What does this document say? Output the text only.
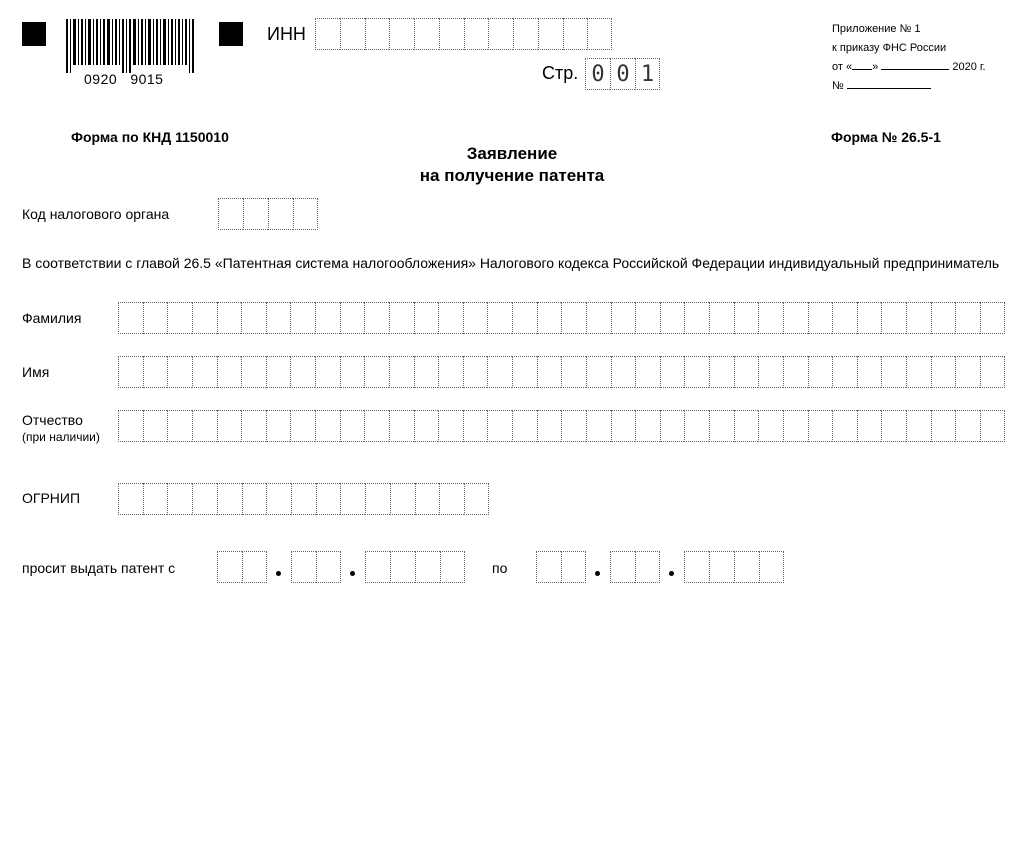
0920   9015
ИНН
Стр. 0 0 1
Приложение № 1
к приказу ФНС России
от « »	2020 г.
№
Форма по КНД 1150010	Форма № 26.5-1
Заявление
на получение патента
Код налогового органа
В соответствии с главой 26.5 «Патентная система налогообложения» Налогового кодекса Российской Федерации индивидуальный предприниматель
Фамилия
Имя
Отчество
(при наличии)
ОГРНИП
просит выдать патент с	по
